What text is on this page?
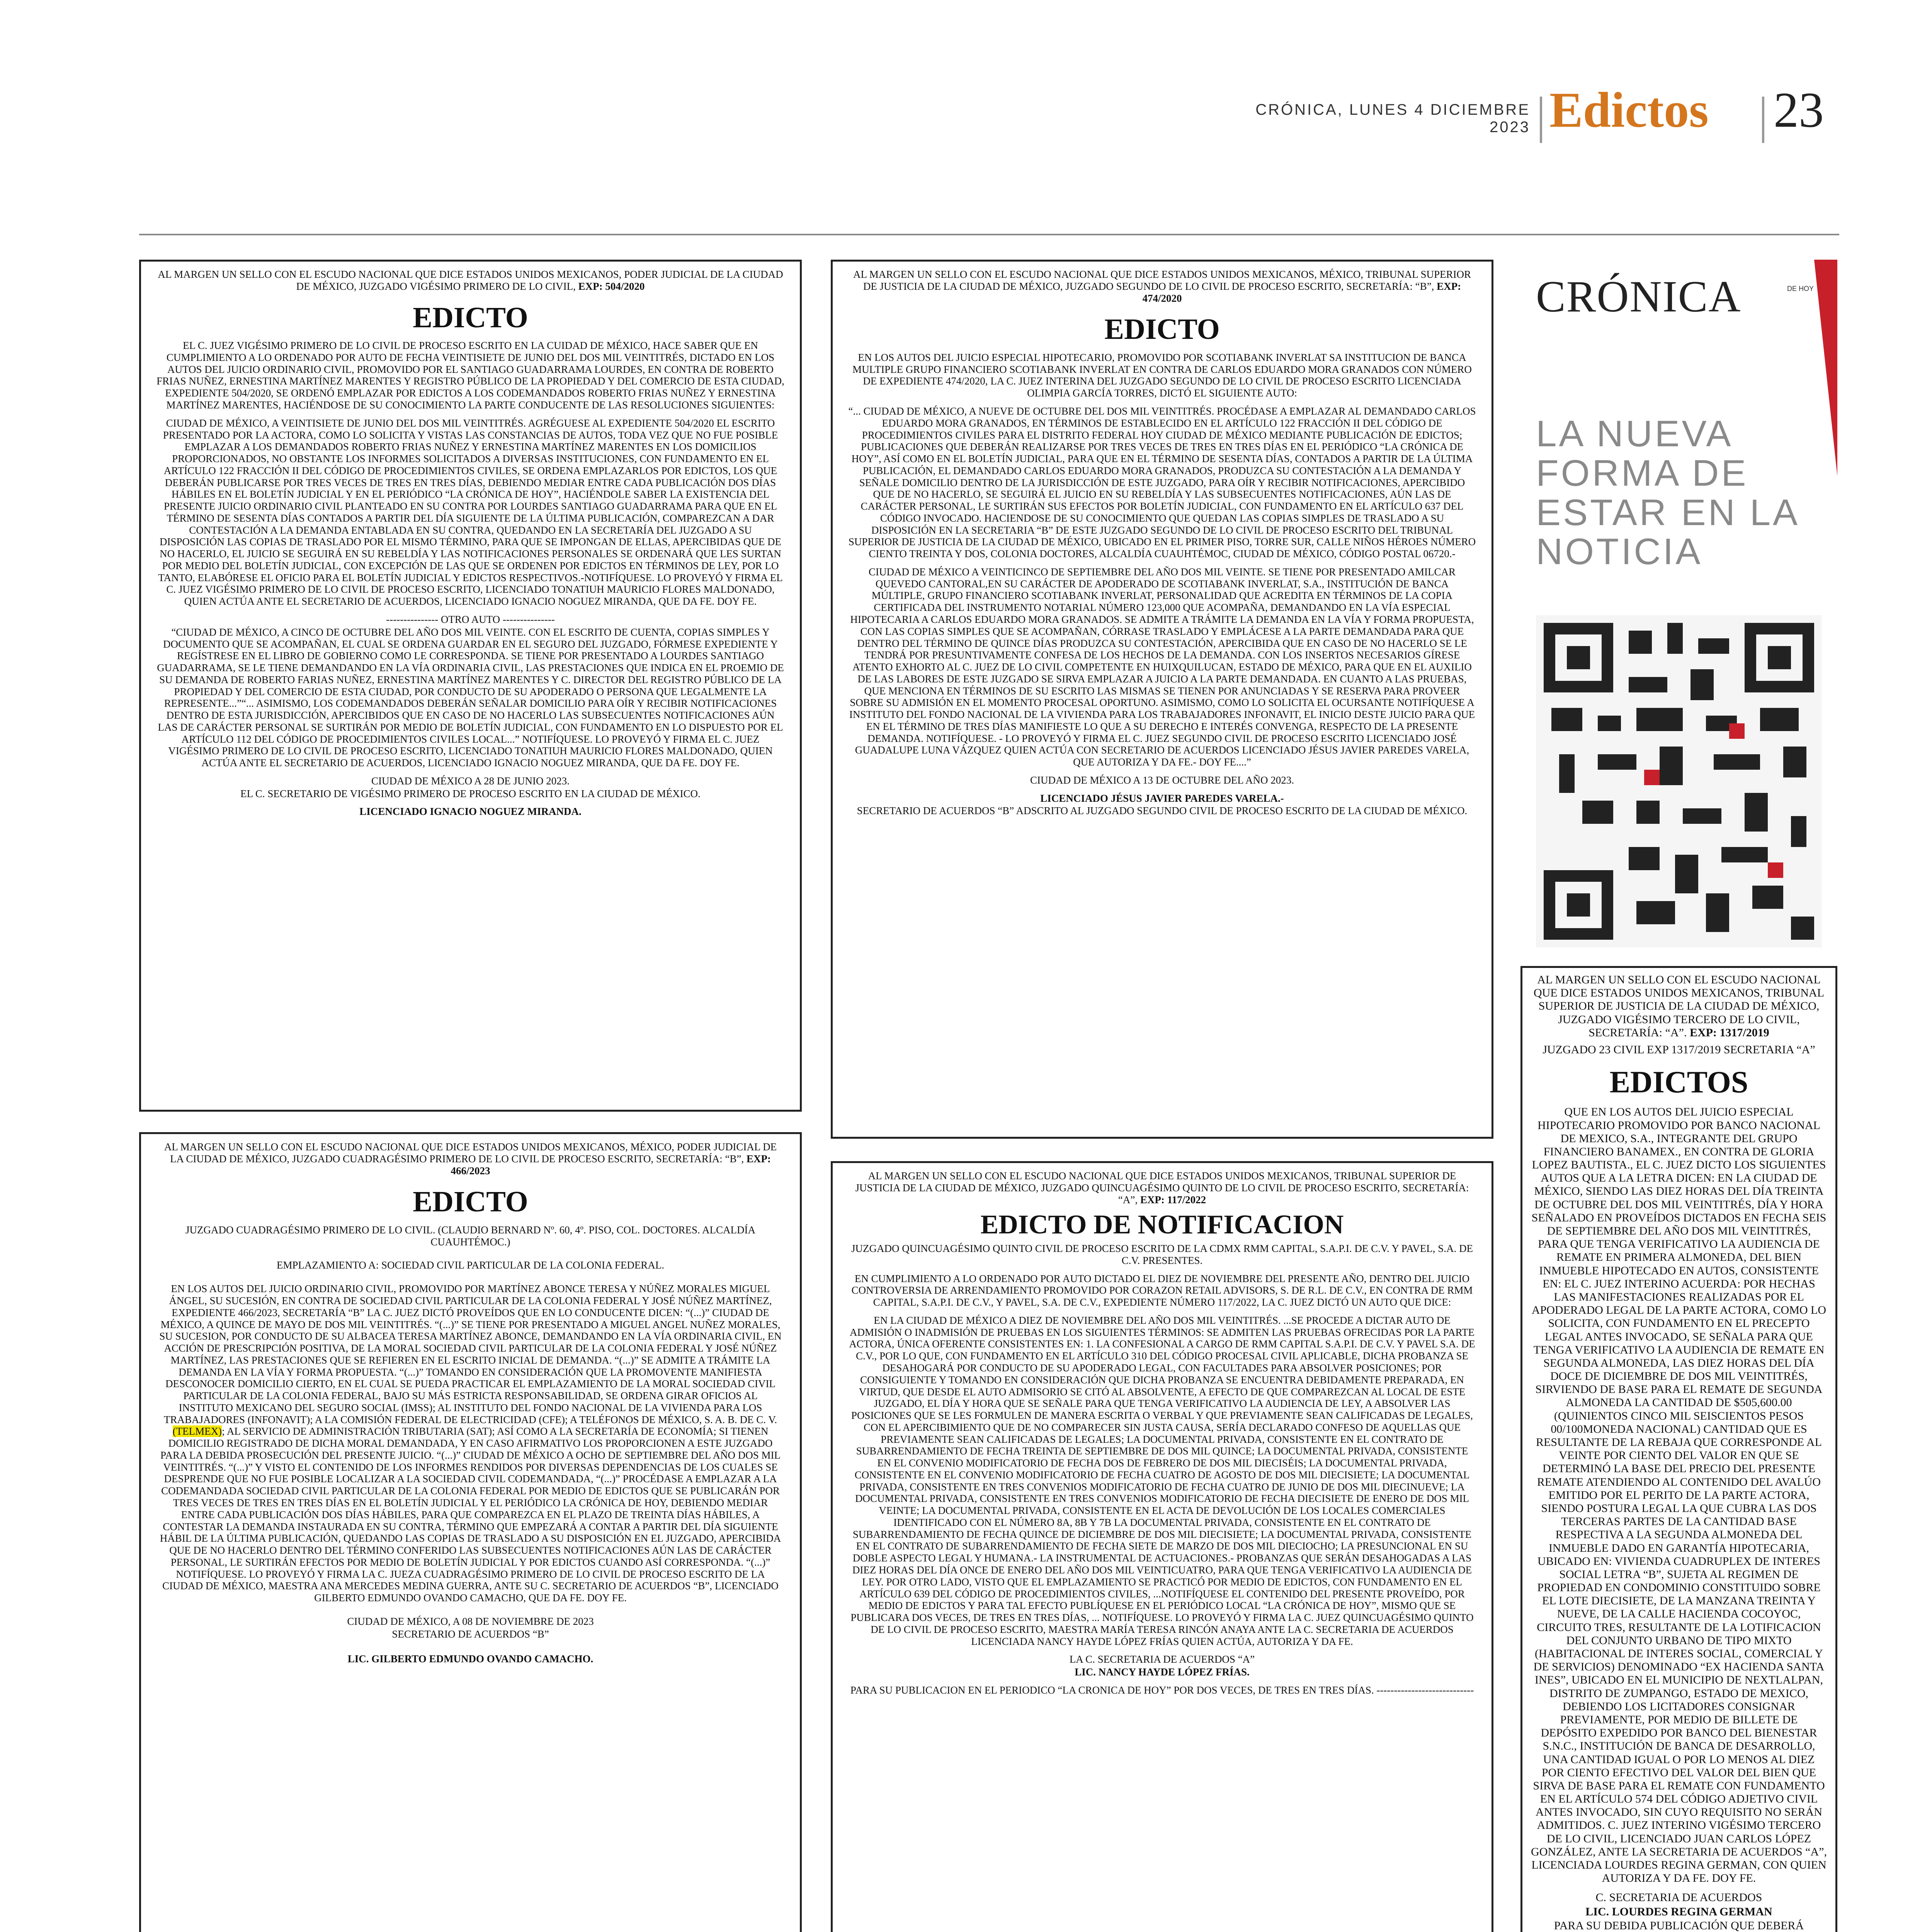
CRÓNICA, LUNES 4 DICIEMBRE 2023 Edictos 23

AL MARGEN UN SELLO CON EL ESCUDO NACIONAL QUE DICE ESTADOS UNIDOS MEXICANOS, PODER JUDICIAL DE LA CIUDAD DE MÉXICO, JUZGADO VIGÉSIMO PRIMERO DE LO CIVIL, EXP: 504/2020

EDICTO

EL C. JUEZ VIGÉSIMO PRIMERO DE LO CIVIL DE PROCESO ESCRITO EN LA CUIDAD DE MÉXICO, HACE SABER QUE EN CUMPLIMIENTO A LO ORDENADO POR AUTO DE FECHA VEINTISIETE DE JUNIO DEL DOS MIL VEINTITRÉS, DICTADO EN LOS AUTOS DEL JUICIO ORDINARIO CIVIL, PROMOVIDO POR EL SANTIAGO GUADARRAMA LOURDES, EN CONTRA DE ROBERTO FRIAS NUÑEZ, ERNESTINA MARTÍNEZ MARENTES Y REGISTRO PÚBLICO DE LA PROPIEDAD Y DEL COMERCIO DE ESTA CIUDAD, EXPEDIENTE 504/2020, SE ORDENÓ EMPLAZAR POR EDICTOS A LOS CODEMANDADOS ROBERTO FRIAS NUÑEZ Y ERNESTINA MARTÍNEZ MARENTES, HACIÉNDOSE DE SU CONOCIMIENTO LA PARTE CONDUCENTE DE LAS RESOLUCIONES SIGUIENTES:

CIUDAD DE MÉXICO, A VEINTISIETE DE JUNIO DEL DOS MIL VEINTITRÉS. AGRÉGUESE AL EXPEDIENTE 504/2020 EL ESCRITO PRESENTADO POR LA ACTORA, COMO LO SOLICITA Y VISTAS LAS CONSTANCIAS DE AUTOS, TODA VEZ QUE NO FUE POSIBLE EMPLAZAR A LOS DEMANDADOS ROBERTO FRIAS NUÑEZ Y ERNESTINA MARTÍNEZ MARENTES EN LOS DOMICILIOS PROPORCIONADOS, NO OBSTANTE LOS INFORMES SOLICITADOS A DIVERSAS INSTITUCIONES, CON FUNDAMENTO EN EL ARTÍCULO 122 FRACCIÓN II DEL CÓDIGO DE PROCEDIMIENTOS CIVILES, SE ORDENA EMPLAZARLOS POR EDICTOS, LOS QUE DEBERÁN PUBLICARSE POR TRES VECES DE TRES EN TRES DÍAS, DEBIENDO MEDIAR ENTRE CADA PUBLICACIÓN DOS DÍAS HÁBILES EN EL BOLETÍN JUDICIAL Y EN EL PERIÓDICO “LA CRÓNICA DE HOY”, HACIÉNDOLE SABER LA EXISTENCIA DEL PRESENTE JUICIO ORDINARIO CIVIL PLANTEADO EN SU CONTRA POR LOURDES SANTIAGO GUADARRAMA PARA QUE EN EL TÉRMINO DE SESENTA DÍAS CONTADOS A PARTIR DEL DÍA SIGUIENTE DE LA ÚLTIMA PUBLICACIÓN, COMPAREZCAN A DAR CONTESTACIÓN A LA DEMANDA ENTABLADA EN SU CONTRA, QUEDANDO EN LA SECRETARÍA DEL JUZGADO A SU DISPOSICIÓN LAS COPIAS DE TRASLADO POR EL MISMO TÉRMINO, PARA QUE SE IMPONGAN DE ELLAS, APERCIBIDAS QUE DE NO HACERLO, EL JUICIO SE SEGUIRÁ EN SU REBELDÍA Y LAS NOTIFICACIONES PERSONALES SE ORDENARÁ QUE LES SURTAN POR MEDIO DEL BOLETÍN JUDICIAL, CON EXCEPCIÓN DE LAS QUE SE ORDENEN POR EDICTOS EN TÉRMINOS DE LEY, POR LO TANTO, ELABÓRESE EL OFICIO PARA EL BOLETÍN JUDICIAL Y EDICTOS RESPECTIVOS.-NOTIFÍQUESE. LO PROVEYÓ Y FIRMA EL C. JUEZ VIGÉSIMO PRIMERO DE LO CIVIL DE PROCESO ESCRITO, LICENCIADO TONATIUH MAURICIO FLORES MALDONADO, QUIEN ACTÚA ANTE EL SECRETARIO DE ACUERDOS, LICENCIADO IGNACIO NOGUEZ MIRANDA, QUE DA FE. DOY FE.

--------------- OTRO AUTO ---------------

“CIUDAD DE MÉXICO, A CINCO DE OCTUBRE DEL AÑO DOS MIL VEINTE. CON EL ESCRITO DE CUENTA, COPIAS SIMPLES Y DOCUMENTO QUE SE ACOMPAÑAN, EL CUAL SE ORDENA GUARDAR EN EL SEGURO DEL JUZGADO, FÓRMESE EXPEDIENTE Y REGÍSTRESE EN EL LIBRO DE GOBIERNO COMO LE CORRESPONDA. SE TIENE POR PRESENTADO A LOURDES SANTIAGO GUADARRAMA, SE LE TIENE DEMANDANDO EN LA VÍA ORDINARIA CIVIL, LAS PRESTACIONES QUE INDICA EN EL PROEMIO DE SU DEMANDA DE ROBERTO FARIAS NUÑEZ, ERNESTINA MARTÍNEZ MARENTES Y C. DIRECTOR DEL REGISTRO PÚBLICO DE LA PROPIEDAD Y DEL COMERCIO DE ESTA CIUDAD, POR CONDUCTO DE SU APODERADO O PERSONA QUE LEGALMENTE LA REPRESENTE...”“... ASIMISMO, LOS CODEMANDADOS DEBERÁN SEÑALAR DOMICILIO PARA OÍR Y RECIBIR NOTIFICACIONES DENTRO DE ESTA JURISDICCIÓN, APERCIBIDOS QUE EN CASO DE NO HACERLO LAS SUBSECUENTES NOTIFICACIONES AÚN LAS DE CARÁCTER PERSONAL SE SURTIRÁN POR MEDIO DE BOLETÍN JUDICIAL, CON FUNDAMENTO EN LO DISPUESTO POR EL ARTÍCULO 112 DEL CÓDIGO DE PROCEDIMIENTOS CIVILES LOCAL...” NOTIFÍQUESE. LO PROVEYÓ Y FIRMA EL C. JUEZ VIGÉSIMO PRIMERO DE LO CIVIL DE PROCESO ESCRITO, LICENCIADO TONATIUH MAURICIO FLORES MALDONADO, QUIEN ACTÚA ANTE EL SECRETARIO DE ACUERDOS, LICENCIADO IGNACIO NOGUEZ MIRANDA, QUE DA FE. DOY FE.

CIUDAD DE MÉXICO A 28 DE JUNIO 2023.

EL C. SECRETARIO DE VIGÉSIMO PRIMERO DE PROCESO ESCRITO EN LA CIUDAD DE MÉXICO.

LICENCIADO IGNACIO NOGUEZ MIRANDA.

AL MARGEN UN SELLO CON EL ESCUDO NACIONAL QUE DICE ESTADOS UNIDOS MEXICANOS, MÉXICO, TRIBUNAL SUPERIOR DE JUSTICIA DE LA CIUDAD DE MÉXICO, JUZGADO SEGUNDO DE LO CIVIL DE PROCESO ESCRITO, SECRETARÍA: “B”, EXP: 474/2020

EDICTO

EN LOS AUTOS DEL JUICIO ESPECIAL HIPOTECARIO, PROMOVIDO POR SCOTIABANK INVERLAT SA INSTITUCION DE BANCA MULTIPLE GRUPO FINANCIERO SCOTIABANK INVERLAT EN CONTRA DE CARLOS EDUARDO MORA GRANADOS CON NÚMERO DE EXPEDIENTE 474/2020, LA C. JUEZ INTERINA DEL JUZGADO SEGUNDO DE LO CIVIL DE PROCESO ESCRITO LICENCIADA OLIMPIA GARCÍA TORRES, DICTÓ EL SIGUIENTE AUTO:

“... CIUDAD DE MÉXICO, A NUEVE DE OCTUBRE DEL DOS MIL VEINTITRÉS. PROCÉDASE A EMPLAZAR AL DEMANDADO CARLOS EDUARDO MORA GRANADOS, EN TÉRMINOS DE ESTABLECIDO EN EL ARTÍCULO 122 FRACCIÓN II DEL CÓDIGO DE PROCEDIMIENTOS CIVILES PARA EL DISTRITO FEDERAL HOY CIUDAD DE MÉXICO MEDIANTE PUBLICACIÓN DE EDICTOS; PUBLICACIONES QUE DEBERÁN REALIZARSE POR TRES VECES DE TRES EN TRES DÍAS EN EL PERIÓDICO “LA CRÓNICA DE HOY”, ASÍ COMO EN EL BOLETÍN JUDICIAL, PARA QUE EN EL TÉRMINO DE SESENTA DÍAS, CONTADOS A PARTIR DE LA ÚLTIMA PUBLICACIÓN, EL DEMANDADO CARLOS EDUARDO MORA GRANADOS, PRODUZCA SU CONTESTACIÓN A LA DEMANDA Y SEÑALE DOMICILIO DENTRO DE LA JURISDICCIÓN DE ESTE JUZGADO, PARA OÍR Y RECIBIR NOTIFICACIONES, APERCIBIDO QUE DE NO HACERLO, SE SEGUIRÁ EL JUICIO EN SU REBELDÍA Y LAS SUBSECUENTES NOTIFICACIONES, AÚN LAS DE CARÁCTER PERSONAL, LE SURTIRÁN SUS EFECTOS POR BOLETÍN JUDICIAL, CON FUNDAMENTO EN EL ARTÍCULO 637 DEL CÓDIGO INVOCADO. HACIENDOSE DE SU CONOCIMIENTO QUE QUEDAN LAS COPIAS SIMPLES DE TRASLADO A SU DISPOSICIÓN EN LA SECRETARIA “B” DE ESTE JUZGADO SEGUNDO DE LO CIVIL DE PROCESO ESCRITO DEL TRIBUNAL SUPERIOR DE JUSTICIA DE LA CIUDAD DE MÉXICO, UBICADO EN EL PRIMER PISO, TORRE SUR, CALLE NIÑOS HÉROES NÚMERO CIENTO TREINTA Y DOS, COLONIA DOCTORES, ALCALDÍA CUAUHTÉMOC, CIUDAD DE MÉXICO, CÓDIGO POSTAL 06720.-

CIUDAD DE MÉXICO A VEINTICINCO DE SEPTIEMBRE DEL AÑO DOS MIL VEINTE. SE TIENE POR PRESENTADO AMILCAR QUEVEDO CANTORAL,EN SU CARÁCTER DE APODERADO DE SCOTIABANK INVERLAT, S.A., INSTITUCIÓN DE BANCA MÚLTIPLE, GRUPO FINANCIERO SCOTIABANK INVERLAT, PERSONALIDAD QUE ACREDITA EN TÉRMINOS DE LA COPIA CERTIFICADA DEL INSTRUMENTO NOTARIAL NÚMERO 123,000 QUE ACOMPAÑA, DEMANDANDO EN LA VÍA ESPECIAL HIPOTECARIA A CARLOS EDUARDO MORA GRANADOS. SE ADMITE A TRÁMITE LA DEMANDA EN LA VÍA Y FORMA PROPUESTA, CON LAS COPIAS SIMPLES QUE SE ACOMPAÑAN, CÓRRASE TRASLADO Y EMPLÁCESE A LA PARTE DEMANDADA PARA QUE DENTRO DEL TÉRMINO DE QUINCE DÍAS PRODUZCA SU CONTESTACIÓN, APERCIBIDA QUE EN CASO DE NO HACERLO SE LE TENDRÁ POR PRESUNTIVAMENTE CONFESA DE LOS HECHOS DE LA DEMANDA. CON LOS INSERTOS NECESARIOS GÍRESE ATENTO EXHORTO AL C. JUEZ DE LO CIVIL COMPETENTE EN HUIXQUILUCAN, ESTADO DE MÉXICO, PARA QUE EN EL AUXILIO DE LAS LABORES DE ESTE JUZGADO SE SIRVA EMPLAZAR A JUICIO A LA PARTE DEMANDADA. EN CUANTO A LAS PRUEBAS, QUE MENCIONA EN TÉRMINOS DE SU ESCRITO LAS MISMAS SE TIENEN POR ANUNCIADAS Y SE RESERVA PARA PROVEER SOBRE SU ADMISIÓN EN EL MOMENTO PROCESAL OPORTUNO. ASIMISMO, COMO LO SOLICITA EL OCURSANTE NOTIFÍQUESE A INSTITUTO DEL FONDO NACIONAL DE LA VIVIENDA PARA LOS TRABAJADORES INFONAVIT, EL INICIO DESTE JUICIO PARA QUE EN EL TÉRMINO DE TRES DÍAS MANIFIESTE LO QUE A SU DERECHO E INTERÉS CONVENGA, RESPECTO DE LA PRESENTE DEMANDA. NOTIFÍQUESE. - LO PROVEYÓ Y FIRMA EL C. JUEZ SEGUNDO CIVIL DE PROCESO ESCRITO LICENCIADO JOSÉ GUADALUPE LUNA VÁZQUEZ QUIEN ACTÚA CON SECRETARIO DE ACUERDOS LICENCIADO JÉSUS JAVIER PAREDES VARELA, QUE AUTORIZA Y DA FE.- DOY FE....”

CIUDAD DE MÉXICO A 13 DE OCTUBRE DEL AÑO 2023.

LICENCIADO JÉSUS JAVIER PAREDES VARELA.-

SECRETARIO DE ACUERDOS “B” ADSCRITO AL JUZGADO SEGUNDO CIVIL DE PROCESO ESCRITO DE LA CIUDAD DE MÉXICO.

AL MARGEN UN SELLO CON EL ESCUDO NACIONAL QUE DICE ESTADOS UNIDOS MEXICANOS, MÉXICO, PODER JUDICIAL DE LA CIUDAD DE MÉXICO, JUZGADO CUADRAGÉSIMO PRIMERO DE LO CIVIL DE PROCESO ESCRITO, SECRETARÍA: “B”, EXP: 466/2023

EDICTO

JUZGADO CUADRAGÉSIMO PRIMERO DE LO CIVIL. (CLAUDIO BERNARD Nº. 60, 4º. PISO, COL. DOCTORES. ALCALDÍA CUAUHTÉMOC.)

EMPLAZAMIENTO A: SOCIEDAD CIVIL PARTICULAR DE LA COLONIA FEDERAL.

EN LOS AUTOS DEL JUICIO ORDINARIO CIVIL, PROMOVIDO POR MARTÍNEZ ABONCE TERESA Y NÚÑEZ MORALES MIGUEL ÁNGEL, SU SUCESIÓN, EN CONTRA DE SOCIEDAD CIVIL PARTICULAR DE LA COLONIA FEDERAL Y JOSÉ NÚÑEZ MARTÍNEZ, EXPEDIENTE 466/2023, SECRETARÍA “B” LA C. JUEZ DICTÓ PROVEÍDOS QUE EN LO CONDUCENTE DICEN: “(...)” CIUDAD DE MÉXICO, A QUINCE DE MAYO DE DOS MIL VEINTITRÉS. “(...)” SE TIENE POR PRESENTADO A MIGUEL ANGEL NUÑEZ MORALES, SU SUCESION, POR CONDUCTO DE SU ALBACEA TERESA MARTÍNEZ ABONCE, DEMANDANDO EN LA VÍA ORDINARIA CIVIL, EN ACCIÓN DE PRESCRIPCIÓN POSITIVA, DE LA MORAL SOCIEDAD CIVIL PARTICULAR DE LA COLONIA FEDERAL Y JOSÉ NÚÑEZ MARTÍNEZ, LAS PRESTACIONES QUE SE REFIEREN EN EL ESCRITO INICIAL DE DEMANDA. “(...)” SE ADMITE A TRÁMITE LA DEMANDA EN LA VÍA Y FORMA PROPUESTA. “(...)” TOMANDO EN CONSIDERACIÓN QUE LA PROMOVENTE MANIFIESTA DESCONOCER DOMICILIO CIERTO, EN EL CUAL SE PUEDA PRACTICAR EL EMPLAZAMIENTO DE LA MORAL SOCIEDAD CIVIL PARTICULAR DE LA COLONIA FEDERAL, BAJO SU MÁS ESTRICTA RESPONSABILIDAD, SE ORDENA GIRAR OFICIOS AL INSTITUTO MEXICANO DEL SEGURO SOCIAL (IMSS); AL INSTITUTO DEL FONDO NACIONAL DE LA VIVIENDA PARA LOS TRABAJADORES (INFONAVIT); A LA COMISIÓN FEDERAL DE ELECTRICIDAD (CFE); A TELÉFONOS DE MÉXICO, S. A. B. DE C. V. (TELMEX); AL SERVICIO DE ADMINISTRACIÓN TRIBUTARIA (SAT); ASÍ COMO A LA SECRETARÍA DE ECONOMÍA; SI TIENEN DOMICILIO REGISTRADO DE DICHA MORAL DEMANDADA, Y EN CASO AFIRMATIVO LOS PROPORCIONEN A ESTE JUZGADO PARA LA DEBIDA PROSECUCIÓN DEL PRESENTE JUICIO. “(...)” CIUDAD DE MÉXICO A OCHO DE SEPTIEMBRE DEL AÑO DOS MIL VEINTITRÉS. “(...)” Y VISTO EL CONTENIDO DE LOS INFORMES RENDIDOS POR DIVERSAS DEPENDENCIAS DE LOS CUALES SE DESPRENDE QUE NO FUE POSIBLE LOCALIZAR A LA SOCIEDAD CIVIL CODEMANDADA, “(...)” PROCÉDASE A EMPLAZAR A LA CODEMANDADA SOCIEDAD CIVIL PARTICULAR DE LA COLONIA FEDERAL POR MEDIO DE EDICTOS QUE SE PUBLICARÁN POR TRES VECES DE TRES EN TRES DÍAS EN EL BOLETÍN JUDICIAL Y EL PERIÓDICO LA CRÓNICA DE HOY, DEBIENDO MEDIAR ENTRE CADA PUBLICACIÓN DOS DÍAS HÁBILES, PARA QUE COMPAREZCA EN EL PLAZO DE TREINTA DÍAS HÁBILES, A CONTESTAR LA DEMANDA INSTAURADA EN SU CONTRA, TÉRMINO QUE EMPEZARÁ A CONTAR A PARTIR DEL DÍA SIGUIENTE HÁBIL DE LA ÚLTIMA PUBLICACIÓN, QUEDANDO LAS COPIAS DE TRASLADO A SU DISPOSICIÓN EN EL JUZGADO, APERCIBIDA QUE DE NO HACERLO DENTRO DEL TÉRMINO CONFERIDO LAS SUBSECUENTES NOTIFICACIONES AÚN LAS DE CARÁCTER PERSONAL, LE SURTIRÁN EFECTOS POR MEDIO DE BOLETÍN JUDICIAL Y POR EDICTOS CUANDO ASÍ CORRESPONDA. “(...)” NOTIFÍQUESE. LO PROVEYÓ Y FIRMA LA C. JUEZA CUADRAGÉSIMO PRIMERO DE LO CIVIL DE PROCESO ESCRITO DE LA CIUDAD DE MÉXICO, MAESTRA ANA MERCEDES MEDINA GUERRA, ANTE SU C. SECRETARIO DE ACUERDOS “B”, LICENCIADO GILBERTO EDMUNDO OVANDO CAMACHO, QUE DA FE. DOY FE.

CIUDAD DE MÉXICO, A 08 DE NOVIEMBRE DE 2023

SECRETARIO DE ACUERDOS “B”

LIC. GILBERTO EDMUNDO OVANDO CAMACHO.

AL MARGEN UN SELLO CON EL ESCUDO NACIONAL QUE DICE ESTADOS UNIDOS MEXICANOS, TRIBUNAL SUPERIOR DE JUSTICIA DE LA CIUDAD DE MÉXICO, JUZGADO QUINCUAGÉSIMO QUINTO DE LO CIVIL DE PROCESO ESCRITO, SECRETARÍA: “A”, EXP: 117/2022

EDICTO DE NOTIFICACION

JUZGADO QUINCUAGÉSIMO QUINTO CIVIL DE PROCESO ESCRITO DE LA CDMX RMM CAPITAL, S.A.P.I. DE C.V. Y PAVEL, S.A. DE C.V. PRESENTES.

EN CUMPLIMIENTO A LO ORDENADO POR AUTO DICTADO EL DIEZ DE NOVIEMBRE DEL PRESENTE AÑO, DENTRO DEL JUICIO CONTROVERSIA DE ARRENDAMIENTO PROMOVIDO POR CORAZON RETAIL ADVISORS, S. DE R.L. DE C.V., EN CONTRA DE RMM CAPITAL, S.A.P.I. DE C.V., Y PAVEL, S.A. DE C.V., EXPEDIENTE NÚMERO 117/2022, LA C. JUEZ DICTÓ UN AUTO QUE DICE:

EN LA CIUDAD DE MÉXICO A DIEZ DE NOVIEMBRE DEL AÑO DOS MIL VEINTITRÉS. ...SE PROCEDE A DICTAR AUTO DE ADMISIÓN O INADMISIÓN DE PRUEBAS EN LOS SIGUIENTES TÉRMINOS: SE ADMITEN LAS PRUEBAS OFRECIDAS POR LA PARTE ACTORA, ÚNICA OFERENTE CONSISTENTES EN: 1. LA CONFESIONAL A CARGO DE RMM CAPITAL S.A.P.I. DE C.V. Y PAVEL S.A. DE C.V., POR LO QUE, CON FUNDAMENTO EN EL ARTÍCULO 310 DEL CÓDIGO PROCESAL CIVIL APLICABLE, DICHA PROBANZA SE DESAHOGARÁ POR CONDUCTO DE SU APODERADO LEGAL, CON FACULTADES PARA ABSOLVER POSICIONES; POR CONSIGUIENTE Y TOMANDO EN CONSIDERACIÓN QUE DICHA PROBANZA SE ENCUENTRA DEBIDAMENTE PREPARADA, EN VIRTUD, QUE DESDE EL AUTO ADMISORIO SE CITÓ AL ABSOLVENTE, A EFECTO DE QUE COMPAREZCAN AL LOCAL DE ESTE JUZGADO, EL DÍA Y HORA QUE SE SEÑALE PARA QUE TENGA VERIFICATIVO LA AUDIENCIA DE LEY, A ABSOLVER LAS POSICIONES QUE SE LES FORMULEN DE MANERA ESCRITA O VERBAL Y QUE PREVIAMENTE SEAN CALIFICADAS DE LEGALES, CON EL APERCIBIMIENTO QUE DE NO COMPARECER SIN JUSTA CAUSA, SERÍA DECLARADO CONFESO DE AQUELLAS QUE PREVIAMENTE SEAN CALIFICADAS DE LEGALES; LA DOCUMENTAL PRIVADA, CONSISTENTE EN EL CONTRATO DE SUBARRENDAMIENTO DE FECHA TREINTA DE SEPTIEMBRE DE DOS MIL QUINCE; LA DOCUMENTAL PRIVADA, CONSISTENTE EN EL CONVENIO MODIFICATORIO DE FECHA DOS DE FEBRERO DE DOS MIL DIECISÉIS; LA DOCUMENTAL PRIVADA, CONSISTENTE EN EL CONVENIO MODIFICATORIO DE FECHA CUATRO DE AGOSTO DE DOS MIL DIECISIETE; LA DOCUMENTAL PRIVADA, CONSISTENTE EN TRES CONVENIOS MODIFICATORIO DE FECHA CUATRO DE JUNIO DE DOS MIL DIECINUEVE; LA DOCUMENTAL PRIVADA, CONSISTENTE EN TRES CONVENIOS MODIFICATORIO DE FECHA DIECISIETE DE ENERO DE DOS MIL VEINTE; LA DOCUMENTAL PRIVADA, CONSISTENTE EN EL ACTA DE DEVOLUCIÓN DE LOS LOCALES COMERCIALES IDENTIFICADO CON EL NÚMERO 8A, 8B Y 7B LA DOCUMENTAL PRIVADA, CONSISTENTE EN EL CONTRATO DE SUBARRENDAMIENTO DE FECHA QUINCE DE DICIEMBRE DE DOS MIL DIECISIETE; LA DOCUMENTAL PRIVADA, CONSISTENTE EN EL CONTRATO DE SUBARRENDAMIENTO DE FECHA SIETE DE MARZO DE DOS MIL DIECIOCHO; LA PRESUNCIONAL EN SU DOBLE ASPECTO LEGAL Y HUMANA.- LA INSTRUMENTAL DE ACTUACIONES.- PROBANZAS QUE SERÁN DESAHOGADAS A LAS DIEZ HORAS DEL DÍA ONCE DE ENERO DEL AÑO DOS MIL VEINTICUATRO, PARA QUE TENGA VERIFICATIVO LA AUDIENCIA DE LEY. POR OTRO LADO, VISTO QUE EL EMPLAZAMIENTO SE PRACTICÓ POR MEDIO DE EDICTOS, CON FUNDAMENTO EN EL ARTÍCULO 639 DEL CÓDIGO DE PROCEDIMIENTOS CIVILES, ...NOTIFÍQUESE EL CONTENIDO DEL PRESENTE PROVEÍDO, POR MEDIO DE EDICTOS Y PARA TAL EFECTO PUBLÍQUESE EN EL PERIÓDICO LOCAL “LA CRÓNICA DE HOY”, MISMO QUE SE PUBLICARA DOS VECES, DE TRES EN TRES DÍAS, ... NOTIFÍQUESE. LO PROVEYÓ Y FIRMA LA C. JUEZ QUINCUAGÉSIMO QUINTO DE LO CIVIL DE PROCESO ESCRITO, MAESTRA MARÍA TERESA RINCÓN ANAYA ANTE LA C. SECRETARIA DE ACUERDOS LICENCIADA NANCY HAYDE LÓPEZ FRÍAS QUIEN ACTÚA, AUTORIZA Y DA FE.

LA C. SECRETARIA DE ACUERDOS “A”

LIC. NANCY HAYDE LÓPEZ FRÍAS.

PARA SU PUBLICACION EN EL PERIODICO “LA CRONICA DE HOY” POR DOS VECES, DE TRES EN TRES DÍAS. ----------------------------

AL MARGEN UN SELLO CON EL ESCUDO NACIONAL QUE DICE ESTADOS UNIDOS MEXICANOS, TRIBUNAL SUPERIOR DE JUSTICIA DE LA CIUDAD DE MÉXICO, JUZGADO VIGÉSIMO TERCERO DE LO CIVIL, SECRETARÍA: “A”. EXP: 1317/2019

JUZGADO 23 CIVIL EXP 1317/2019 SECRETARIA “A”

EDICTOS

QUE EN LOS AUTOS DEL JUICIO ESPECIAL HIPOTECARIO PROMOVIDO POR BANCO NACIONAL DE MEXICO, S.A., INTEGRANTE DEL GRUPO FINANCIERO BANAMEX., EN CONTRA DE GLORIA LOPEZ BAUTISTA., EL C. JUEZ DICTO LOS SIGUIENTES AUTOS QUE A LA LETRA DICEN: EN LA CIUDAD DE MÉXICO, SIENDO LAS DIEZ HORAS DEL DÍA TREINTA DE OCTUBRE DEL DOS MIL VEINTITRÉS, DÍA Y HORA SEÑALADO EN PROVEÍDOS DICTADOS EN FECHA SEIS DE SEPTIEMBRE DEL AÑO DOS MIL VEINTITRÉS, PARA QUE TENGA VERIFICATIVO LA AUDIENCIA DE REMATE EN PRIMERA ALMONEDA, DEL BIEN INMUEBLE HIPOTECADO EN AUTOS, CONSISTENTE EN: EL C. JUEZ INTERINO ACUERDA: POR HECHAS LAS MANIFESTACIONES REALIZADAS POR EL APODERADO LEGAL DE LA PARTE ACTORA, COMO LO SOLICITA, CON FUNDAMENTO EN EL PRECEPTO LEGAL ANTES INVOCADO, SE SEÑALA PARA QUE TENGA VERIFICATIVO LA AUDIENCIA DE REMATE EN SEGUNDA ALMONEDA, LAS DIEZ HORAS DEL DÍA DOCE DE DICIEMBRE DE DOS MIL VEINTITRÉS, SIRVIENDO DE BASE PARA EL REMATE DE SEGUNDA ALMONEDA LA CANTIDAD DE $505,600.00 (QUINIENTOS CINCO MIL SEISCIENTOS PESOS 00/100MONEDA NACIONAL) CANTIDAD QUE ES RESULTANTE DE LA REBAJA QUE CORRESPONDE AL VEINTE POR CIENTO DEL VALOR EN QUE SE DETERMINÓ LA BASE DEL PRECIO DEL PRESENTE REMATE ATENDIENDO AL CONTENIDO DEL AVALÚO EMITIDO POR EL PERITO DE LA PARTE ACTORA, SIENDO POSTURA LEGAL LA QUE CUBRA LAS DOS TERCERAS PARTES DE LA CANTIDAD BASE RESPECTIVA A LA SEGUNDA ALMONEDA DEL INMUEBLE DADO EN GARANTÍA HIPOTECARIA, UBICADO EN: VIVIENDA CUADRUPLEX DE INTERES SOCIAL LETRA “B”, SUJETA AL REGIMEN DE PROPIEDAD EN CONDOMINIO CONSTITUIDO SOBRE EL LOTE DIECISIETE, DE LA MANZANA TREINTA Y NUEVE, DE LA CALLE HACIENDA COCOYOC, CIRCUITO TRES, RESULTANTE DE LA LOTIFICACION DEL CONJUNTO URBANO DE TIPO MIXTO (HABITACIONAL DE INTERES SOCIAL, COMERCIAL Y DE SERVICIOS) DENOMINADO “EX HACIENDA SANTA INES”, UBICADO EN EL MUNICIPIO DE NEXTLALPAN, DISTRITO DE ZUMPANGO, ESTADO DE MEXICO, DEBIENDO LOS LICITADORES CONSIGNAR PREVIAMENTE, POR MEDIO DE BILLETE DE DEPÓSITO EXPEDIDO POR BANCO DEL BIENESTAR S.N.C., INSTITUCIÓN DE BANCA DE DESARROLLO, UNA CANTIDAD IGUAL O POR LO MENOS AL DIEZ POR CIENTO EFECTIVO DEL VALOR DEL BIEN QUE SIRVA DE BASE PARA EL REMATE CON FUNDAMENTO EN EL ARTÍCULO 574 DEL CÓDIGO ADJETIVO CIVIL ANTES INVOCADO, SIN CUYO REQUISITO NO SERÁN ADMITIDOS. C. JUEZ INTERINO VIGÉSIMO TERCERO DE LO CIVIL, LICENCIADO JUAN CARLOS LÓPEZ GONZÁLEZ, ANTE LA SECRETARIA DE ACUERDOS “A”, LICENCIADA LOURDES REGINA GERMAN, CON QUIEN AUTORIZA Y DA FE. DOY FE.

C. SECRETARIA DE ACUERDOS

LIC. LOURDES REGINA GERMAN

PARA SU DEBIDA PUBLICACIÓN QUE DEBERÁ

CRÓNICA	DE HOY
LA NUEVA FORMA DE ESTAR EN LA NOTICIA
